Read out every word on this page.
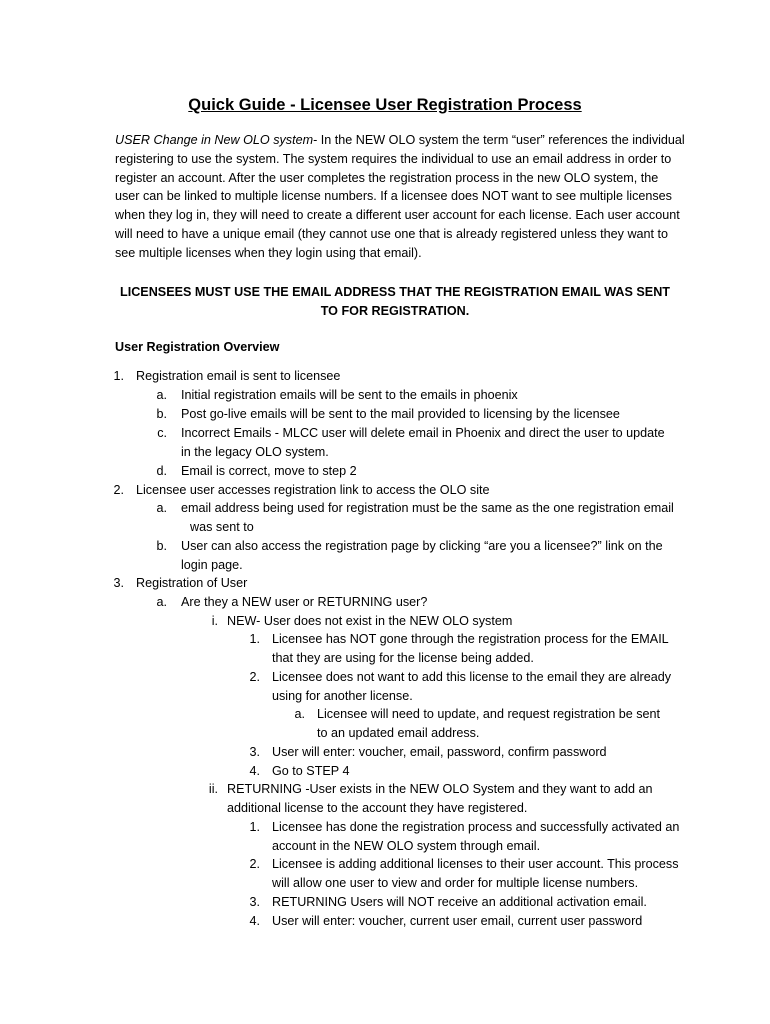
Quick Guide - Licensee User Registration Process
USER Change in New OLO system- In the NEW OLO system the term “user” references the individual registering to use the system. The system requires the individual to use an email address in order to register an account. After the user completes the registration process in the new OLO system, the user can be linked to multiple license numbers. If a licensee does NOT want to see multiple licenses when they log in, they will need to create a different user account for each license. Each user account will need to have a unique email (they cannot use one that is already registered unless they want to see multiple licenses when they login using that email).
LICENSEES MUST USE THE EMAIL ADDRESS THAT THE REGISTRATION EMAIL WAS SENT TO FOR REGISTRATION.
User Registration Overview
1. Registration email is sent to licensee
a. Initial registration emails will be sent to the emails in phoenix
b. Post go-live emails will be sent to the mail provided to licensing by the licensee
c. Incorrect Emails - MLCC user will delete email in Phoenix and direct the user to update
in the legacy OLO system.
d. Email is correct, move to step 2
2. Licensee user accesses registration link to access the OLO site
a. email address being used for registration must be the same as the one registration email
was sent to
b. User can also access the registration page by clicking “are you a licensee?” link on the
login page.
3. Registration of User
a. Are they a NEW user or RETURNING user?
i. NEW- User does not exist in the NEW OLO system
1. Licensee has NOT gone through the registration process for the EMAIL
that they are using for the license being added.
2. Licensee does not want to add this license to the email they are already
using for another license.
a. Licensee will need to update, and request registration be sent
to an updated email address.
3. User will enter: voucher, email, password, confirm password
4. Go to STEP 4
ii. RETURNING -User exists in the NEW OLO System and they want to add an
additional license to the account they have registered.
1. Licensee has done the registration process and successfully activated an
account in the NEW OLO system through email.
2. Licensee is adding additional licenses to their user account. This process
will allow one user to view and order for multiple license numbers.
3. RETURNING Users will NOT receive an additional activation email.
4. User will enter: voucher, current user email, current user password
